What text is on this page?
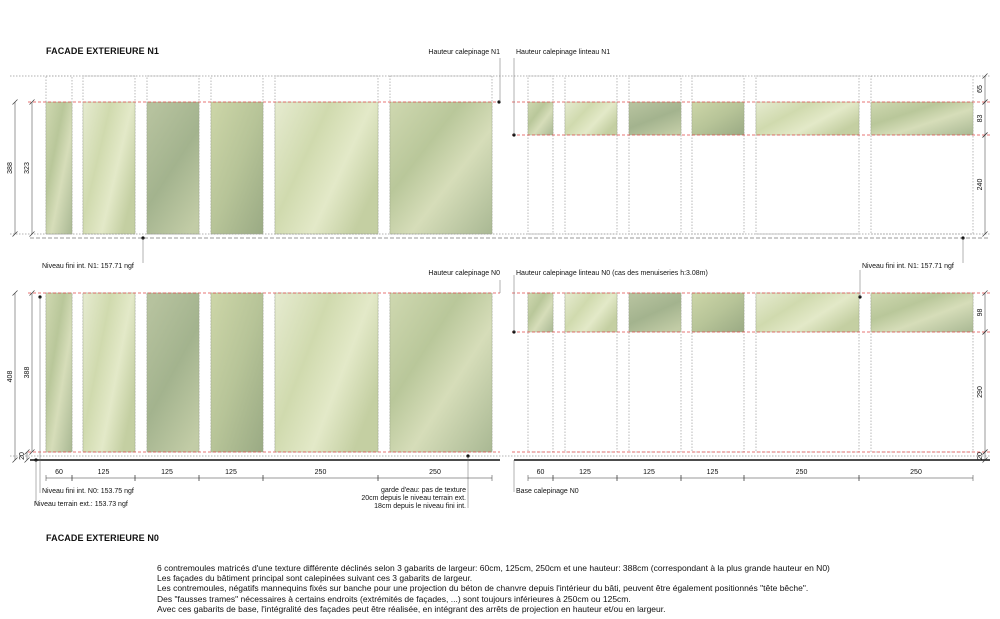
388 323
65
83
240
408 388
20
98
290
20
60	125	125	125	250	250	60	125	125	125	250	250
FACADE EXTERIEURE N1
FACADE EXTERIEURE N0
Hauteur calepinage N1 Hauteur calepinage linteau N1
Niveau fini int. N1: 157.71 ngf
Hauteur calepinage N0 Hauteur calepinage linteau N0 (cas des menuiseries h:3.08m)
Niveau fini int. N1: 157.71 ngf
Niveau fini int. N0: 153.75 ngf
Niveau terrain ext.: 153.73 ngf
Base calepinage N0
garde d'eau: pas de texture
20cm depuis le niveau terrain ext.
18cm depuis le niveau fini int.
6 contremoules matricés d'une texture différente déclinés selon 3 gabarits de largeur: 60cm, 125cm, 250cm et une hauteur: 388cm (correspondant à la plus grande hauteur en N0)
Les façades du bâtiment principal sont calepinées suivant ces 3 gabarits de largeur.
Les contremoules, négatifs mannequins fixés sur banche pour une projection du béton de chanvre depuis l'intérieur du bâti, peuvent être également positionnés "tête bêche".
Des "fausses trames" nécessaires à certains endroits (extrémités de façades, ...) sont toujours inférieures à 250cm ou 125cm.
Avec ces gabarits de base, l'intégralité des façades peut être réalisée, en intégrant des arrêts de projection en hauteur et/ou en largeur.
